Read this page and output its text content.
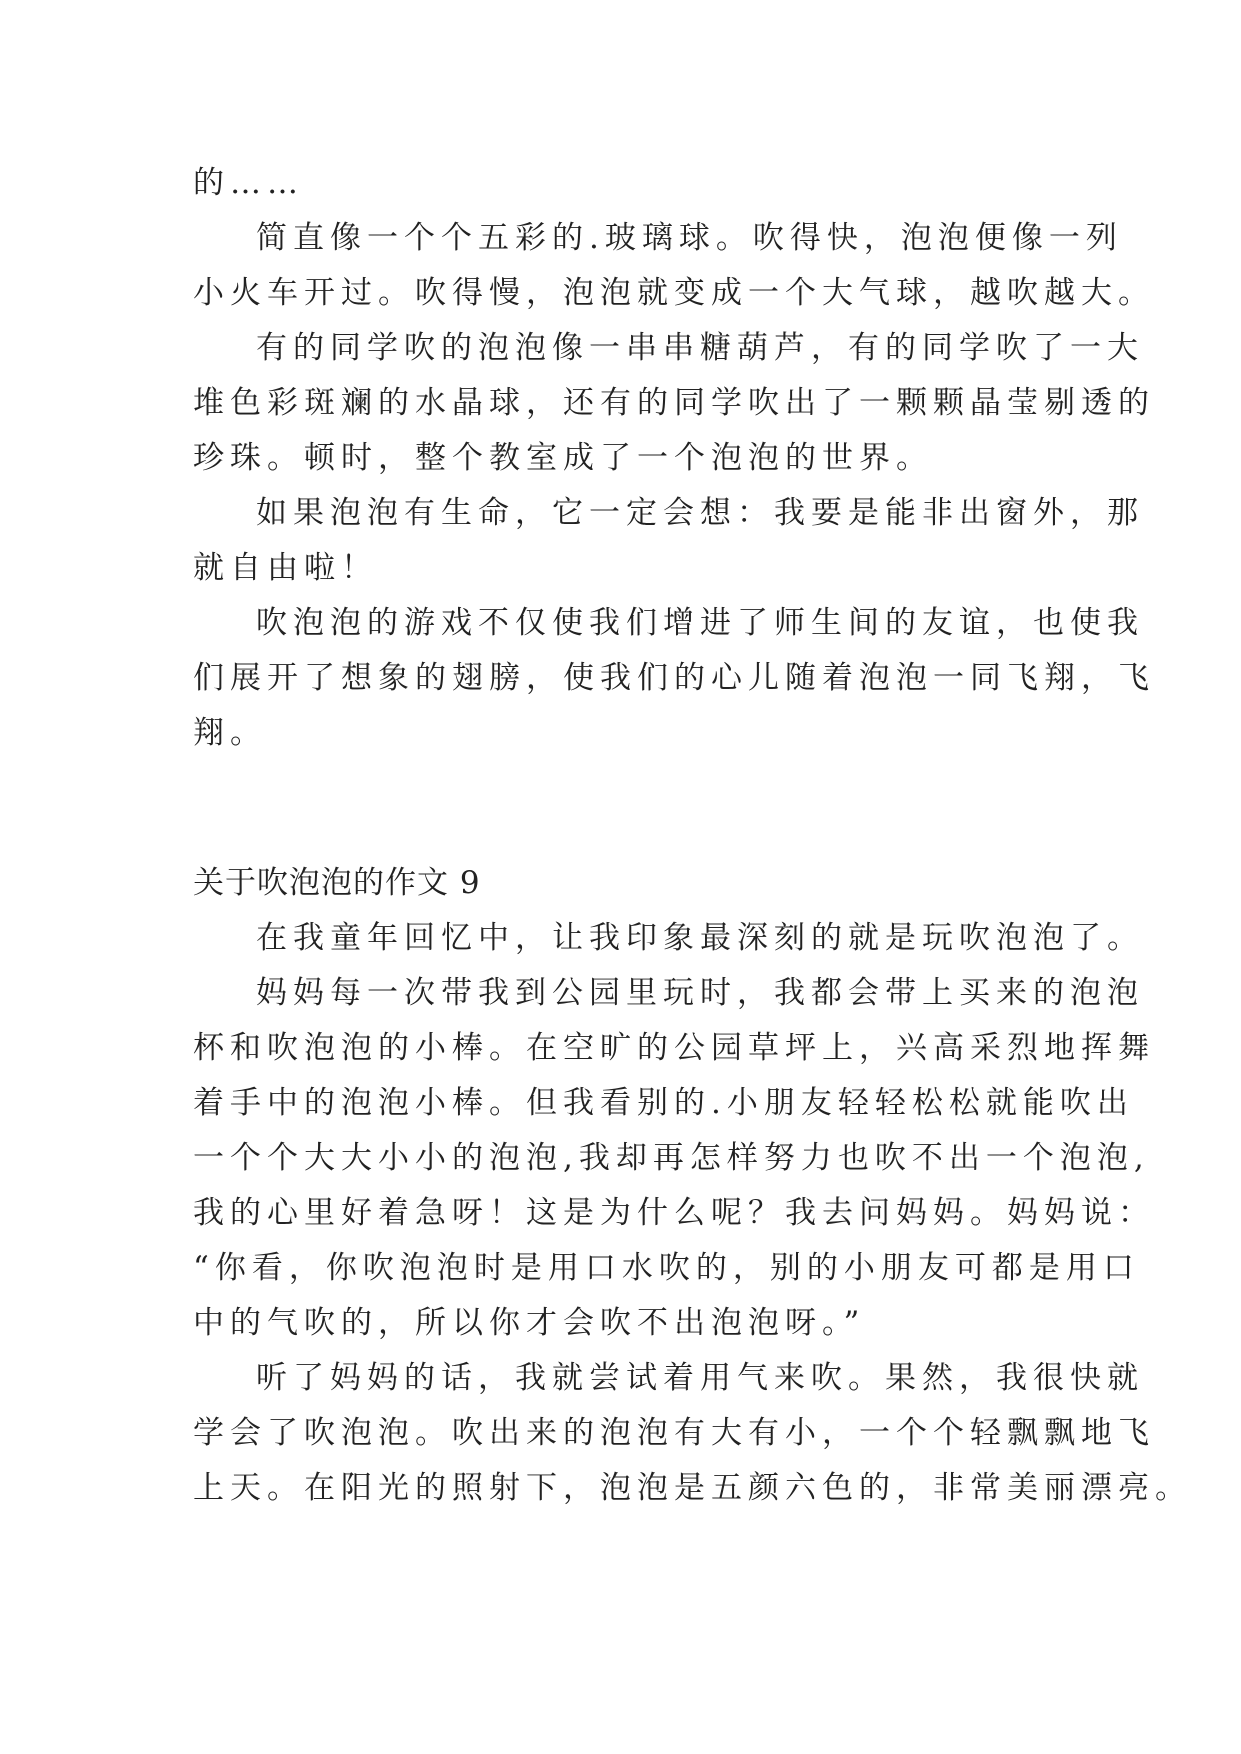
的……
简直像一个个五彩的.玻璃球。吹得快，泡泡便像一列
小火车开过。吹得慢，泡泡就变成一个大气球，越吹越大。
有的同学吹的泡泡像一串串糖葫芦，有的同学吹了一大
堆色彩斑斓的水晶球，还有的同学吹出了一颗颗晶莹剔透的
珍珠。顿时，整个教室成了一个泡泡的世界。
如果泡泡有生命，它一定会想：我要是能非出窗外，那
就自由啦！
吹泡泡的游戏不仅使我们增进了师生间的友谊，也使我
们展开了想象的翅膀，使我们的心儿随着泡泡一同飞翔，飞
翔。
关于吹泡泡的作文 9
在我童年回忆中，让我印象最深刻的就是玩吹泡泡了。
妈妈每一次带我到公园里玩时，我都会带上买来的泡泡
杯和吹泡泡的小棒。在空旷的公园草坪上，兴高采烈地挥舞
着手中的泡泡小棒。但我看别的.小朋友轻轻松松就能吹出
一个个大大小小的泡泡,我却再怎样努力也吹不出一个泡泡,
我的心里好着急呀！这是为什么呢？我去问妈妈。妈妈说：
“你看，你吹泡泡时是用口水吹的，别的小朋友可都是用口
中的气吹的，所以你才会吹不出泡泡呀。”
听了妈妈的话，我就尝试着用气来吹。果然，我很快就
学会了吹泡泡。吹出来的泡泡有大有小，一个个轻飘飘地飞
上天。在阳光的照射下，泡泡是五颜六色的，非常美丽漂亮。
